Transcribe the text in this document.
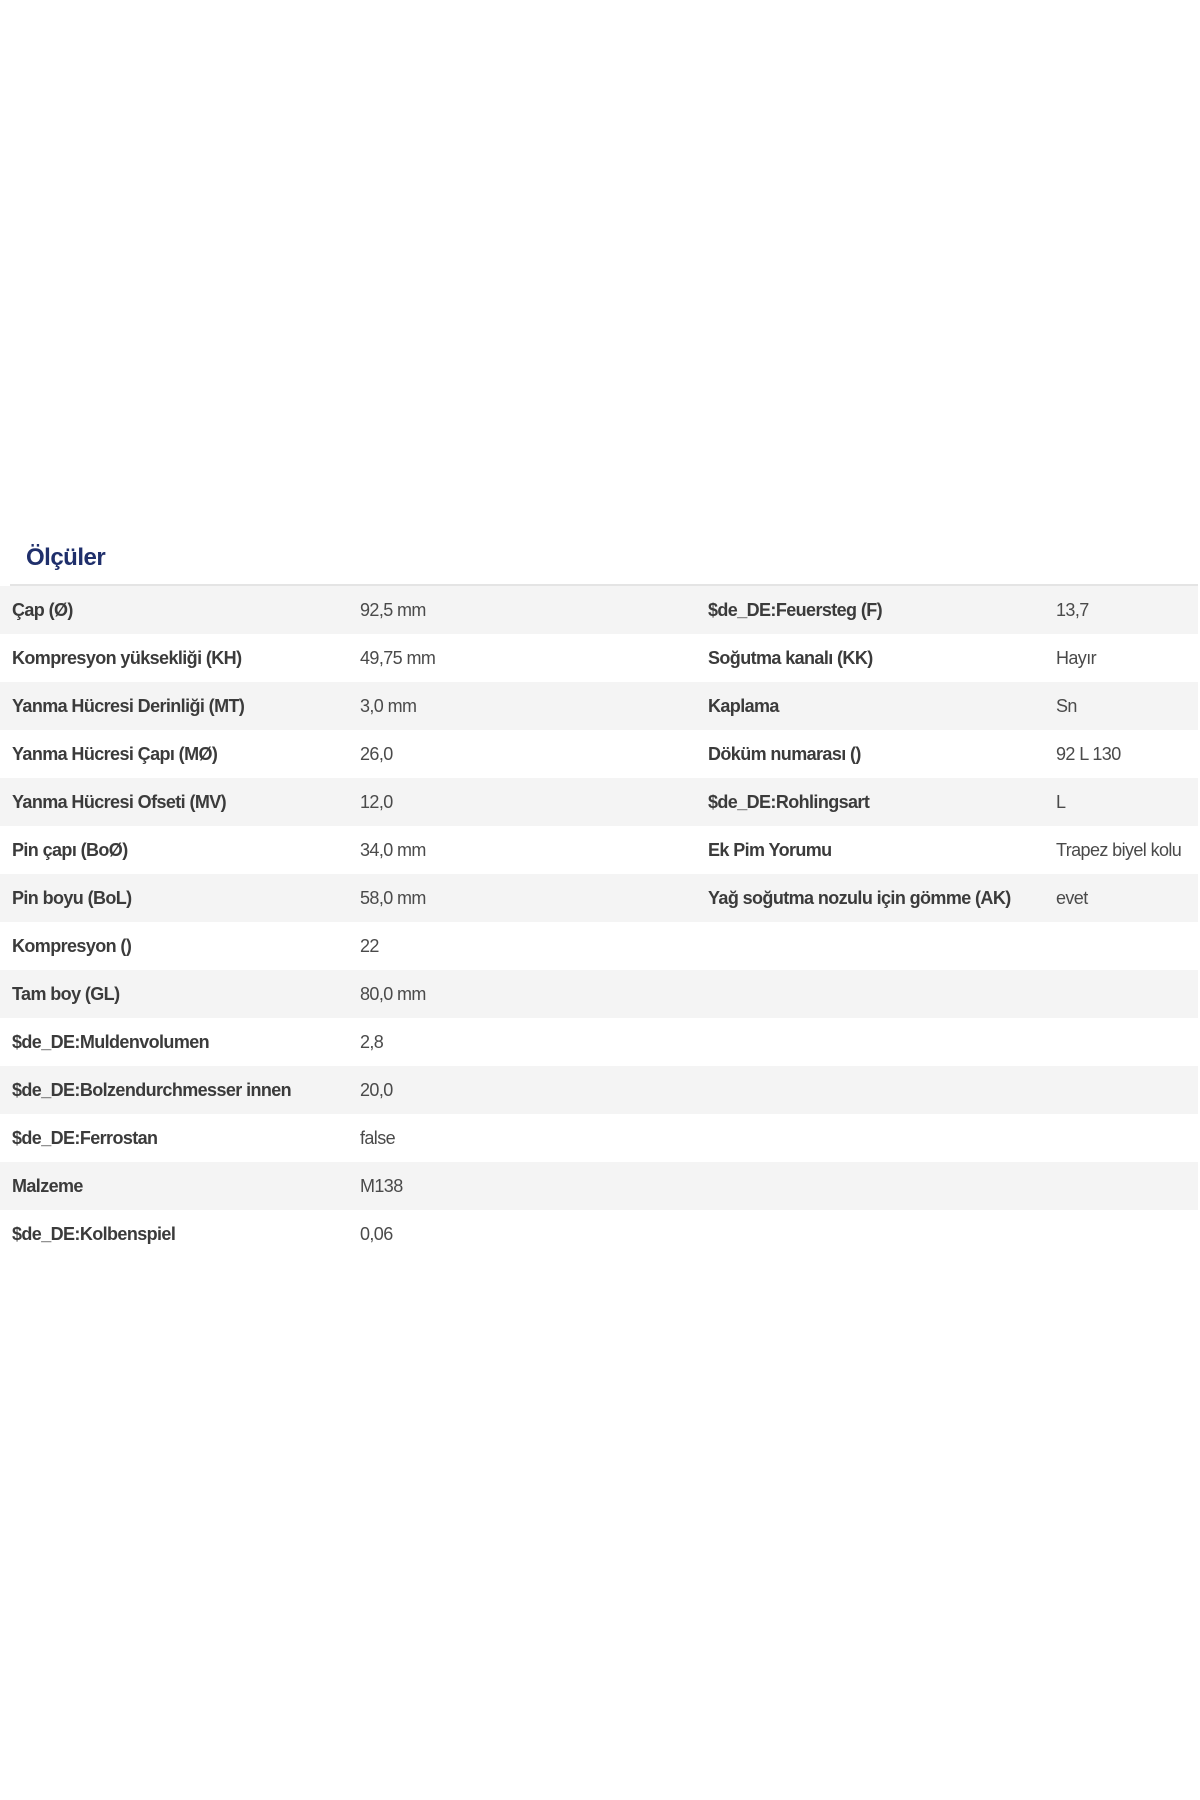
Ölçüler
Çap (Ø)	92,5 mm	$de_DE:Feuersteg (F)	13,7
Kompresyon yüksekliği (KH)	49,75 mm	Soğutma kanalı (KK)	Hayır
Yanma Hücresi Derinliği (MT)	3,0 mm	Kaplama	Sn
Yanma Hücresi Çapı (MØ)	26,0	Döküm numarası ()	92 L 130
Yanma Hücresi Ofseti (MV)	12,0	$de_DE:Rohlingsart	L
Pin çapı (BoØ)	34,0 mm	Ek Pim Yorumu	Trapez biyel kolu
Pin boyu (BoL)	58,0 mm	Yağ soğutma nozulu için gömme (AK)	evet
Kompresyon ()	22
Tam boy (GL)	80,0 mm
$de_DE:Muldenvolumen	2,8
$de_DE:Bolzendurchmesser innen	20,0
$de_DE:Ferrostan	false
Malzeme	M138
$de_DE:Kolbenspiel	0,06
